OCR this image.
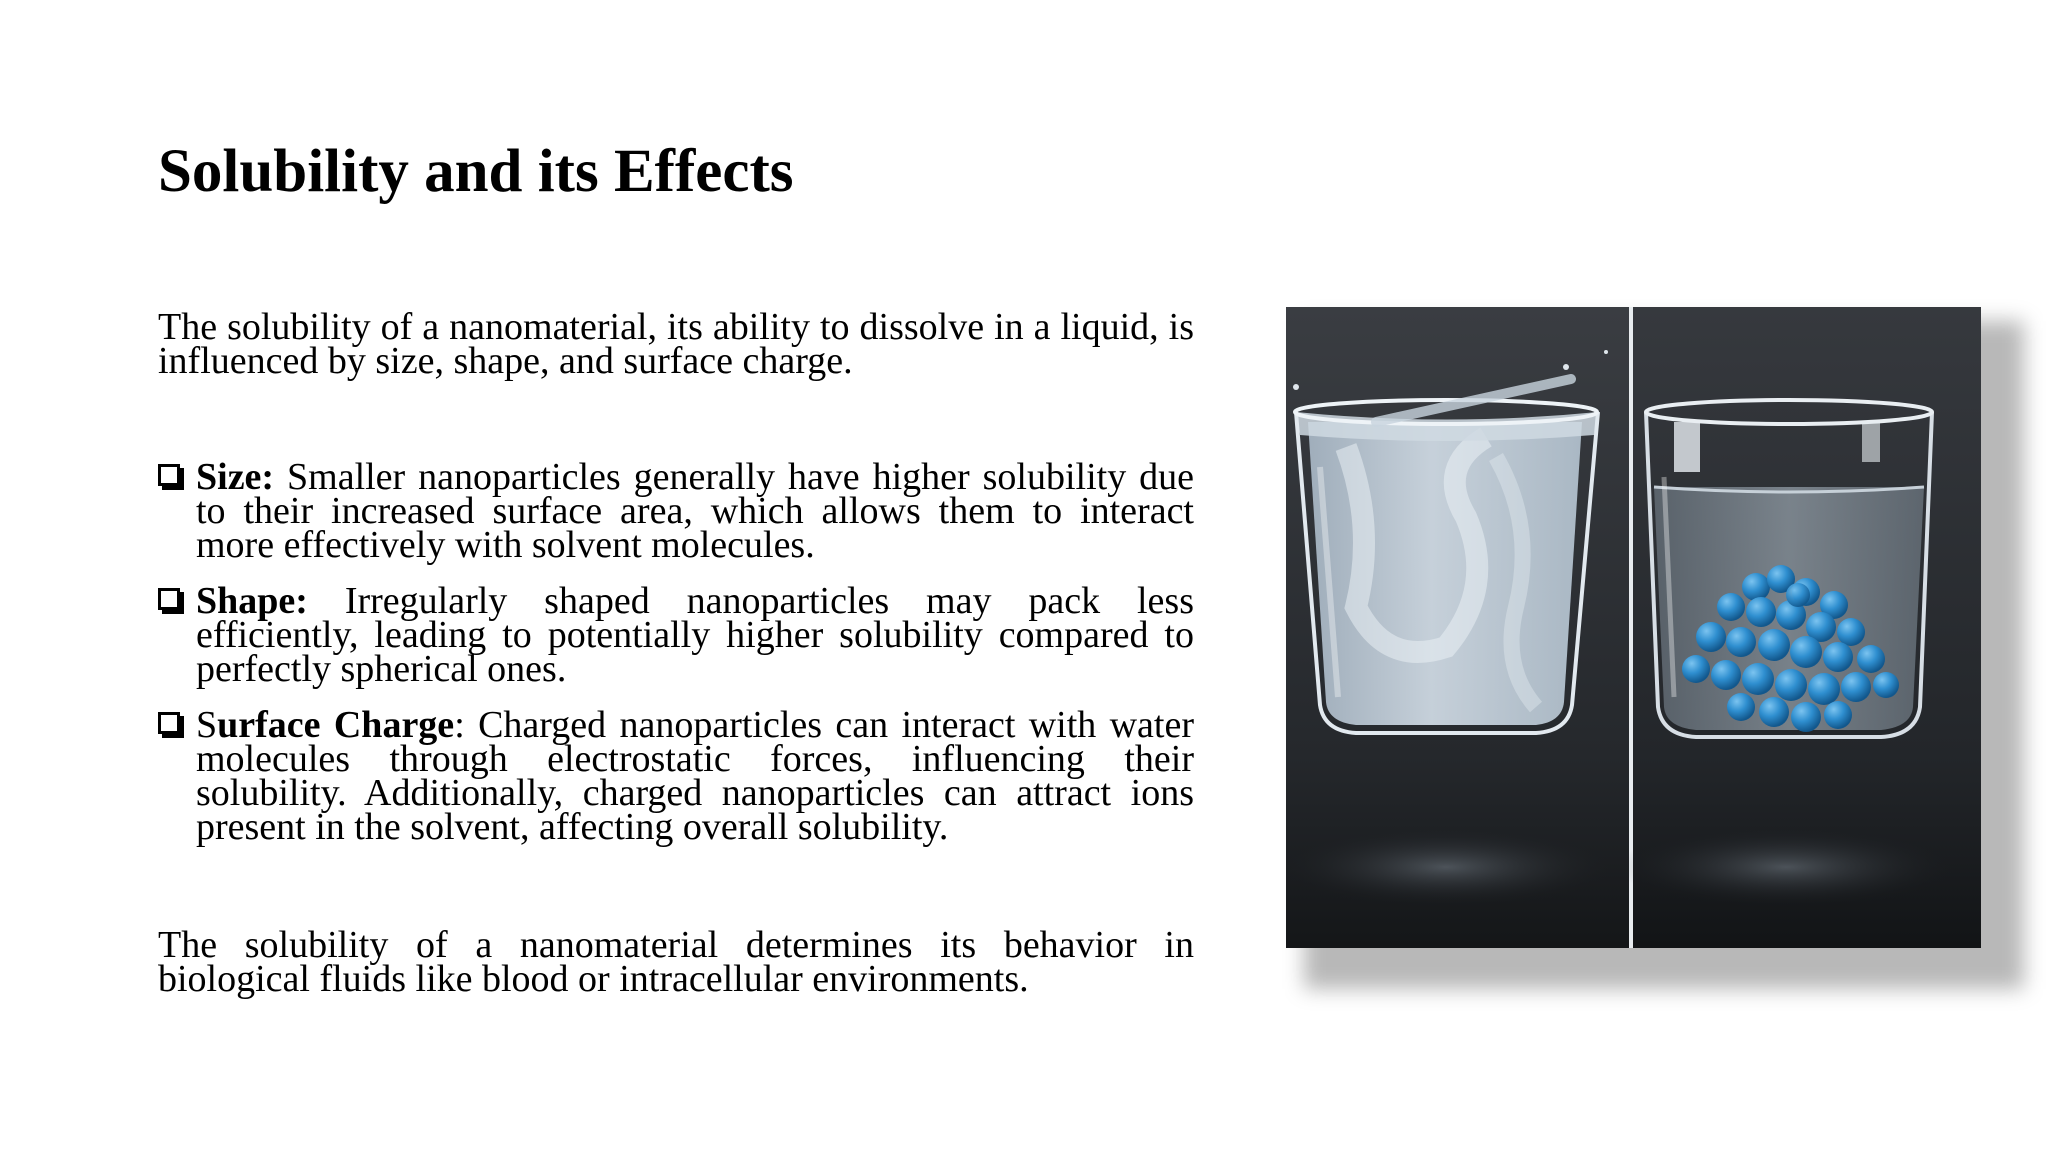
Solubility and its Effects

The solubility of a nanomaterial, its ability to dissolve in a liquid, is influenced by size, shape, and surface charge.

Size: Smaller nanoparticles generally have higher solubility due to their increased surface area, which allows them to interact more effectively with solvent molecules.
Shape: Irregularly shaped nanoparticles may pack less efficiently, leading to potentially higher solubility compared to perfectly spherical ones.
Surface Charge: Charged nanoparticles can interact with water molecules through electrostatic forces, influencing their solubility. Additionally, charged nanoparticles can attract ions present in the solvent, affecting overall solubility.

The solubility of a nanomaterial determines its behavior in biological fluids like blood or intracellular environments.
